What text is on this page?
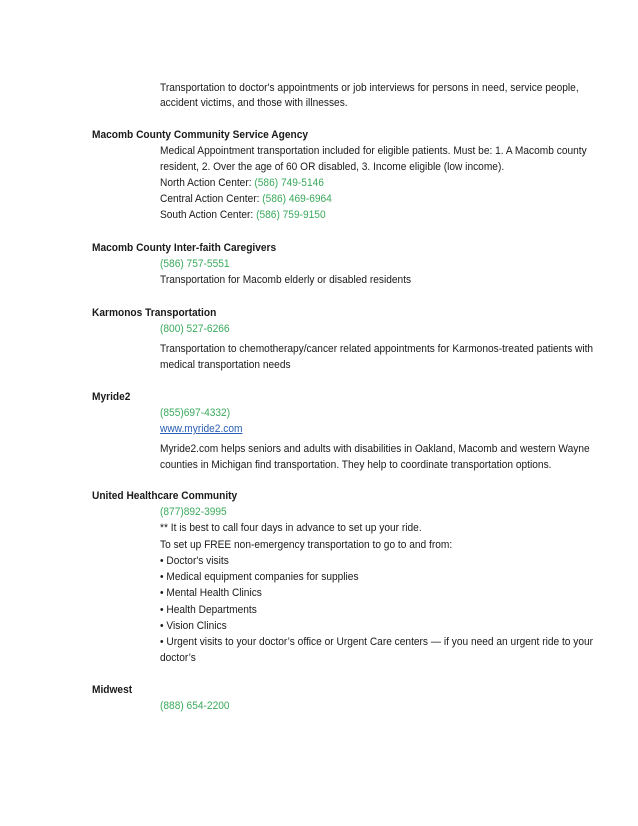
Transportation to doctor's appointments or job interviews for persons in need, service people,
accident victims, and those with illnesses.
Macomb County Community Service Agency
Medical Appointment transportation included for eligible patients. Must be: 1. A Macomb county
resident, 2. Over the age of 60 OR disabled, 3. Income eligible (low income).
North Action Center: (586) 749-5146
Central Action Center: (586) 469-6964
South Action Center: (586) 759-9150
Macomb County Inter-faith Caregivers
(586) 757-5551
Transportation for Macomb elderly or disabled residents
Karmonos Transportation
(800) 527-6266
Transportation to chemotherapy/cancer related appointments for Karmonos-treated patients with
medical transportation needs
Myride2
(855)697-4332)
www.myride2.com
Myride2.com helps seniors and adults with disabilities in Oakland, Macomb and western Wayne
counties in Michigan find transportation. They help to coordinate transportation options.
United Healthcare Community
(877)892-3995
** It is best to call four days in advance to set up your ride.
To set up FREE non-emergency transportation to go to and from:
• Doctor's visits
• Medical equipment companies for supplies
• Mental Health Clinics
• Health Departments
• Vision Clinics
• Urgent visits to your doctor’s office or Urgent Care centers — if you need an urgent ride to your
doctor’s
Midwest
(888) 654-2200
